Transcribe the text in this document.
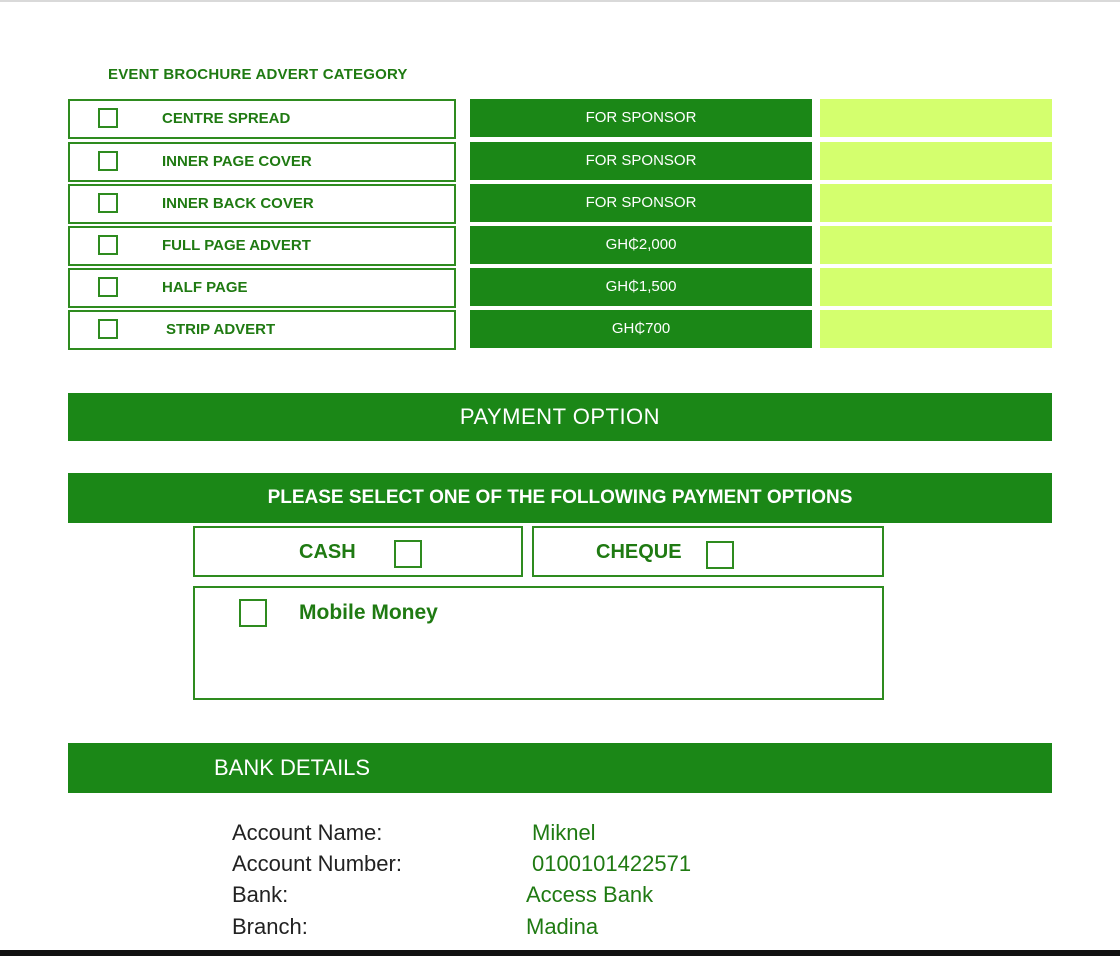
EVENT BROCHURE ADVERT CATEGORY
CENTRE SPREAD	FOR SPONSOR
INNER PAGE COVER	FOR SPONSOR
INNER BACK COVER	FOR SPONSOR
FULL PAGE ADVERT	GH₵2,000
HALF PAGE	GH₵1,500
STRIP ADVERT	GH₵700
PAYMENT OPTION
PLEASE SELECT ONE OF THE FOLLOWING PAYMENT OPTIONS
CASH	CHEQUE
Mobile Money
BANK DETAILS
Account Name:	Miknel
Account Number:	0100101422571
Bank:	Access Bank
Branch:	Madina
